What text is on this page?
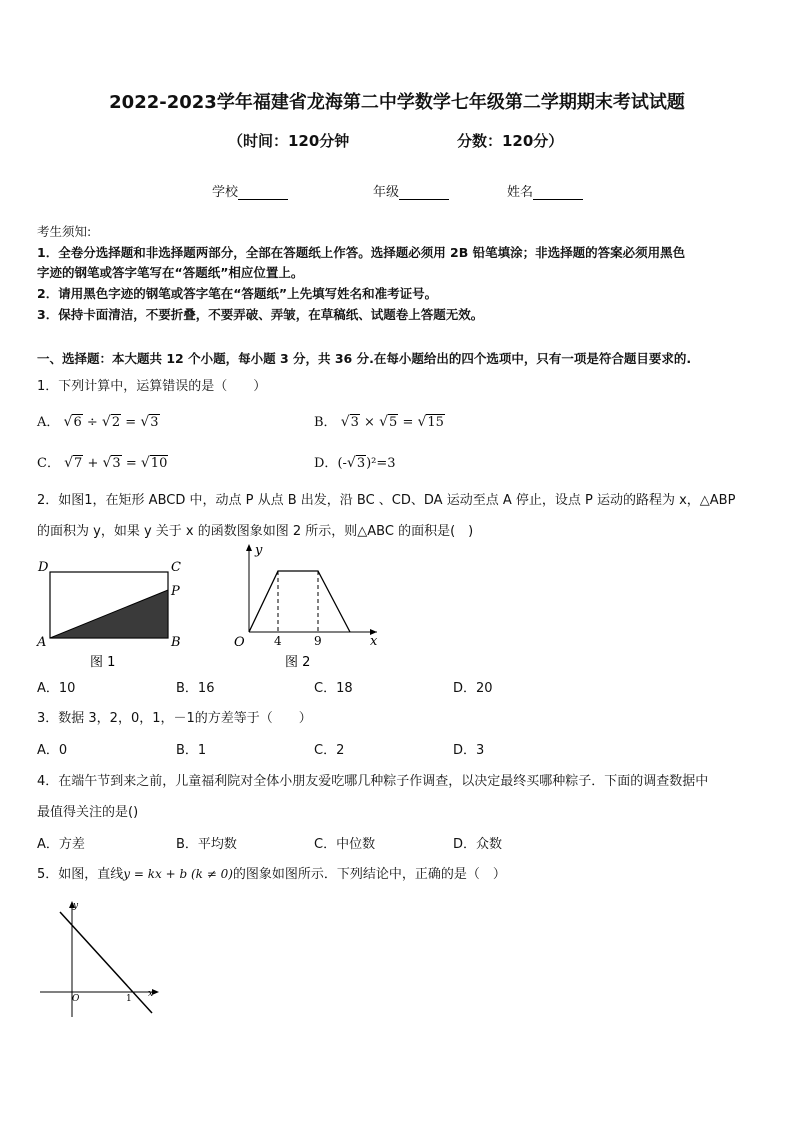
2022-2023学年福建省龙海第二中学数学七年级第二学期期末考试试题
（时间：120分钟	分数：120分）
学校	年级	姓名
考生须知:
1．全卷分选择题和非选择题两部分，全部在答题纸上作答。选择题必须用 2B 铅笔填涂；非选择题的答案必须用黑色
字迹的钢笔或答字笔写在“答题纸”相应位置上。
2．请用黑色字迹的钢笔或答字笔在“答题纸”上先填写姓名和准考证号。
3．保持卡面清洁，不要折叠，不要弄破、弄皱，在草稿纸、试题卷上答题无效。
一、选择题：本大题共 12 个小题，每小题 3 分，共 36 分.在每小题给出的四个选项中，只有一项是符合题目要求的.
1．下列计算中，运算错误的是（　　）
A． √6 ÷ √2 = √3	B． √3 × √5 = √15
C． √7 + √3 = √10	D．(-√3)²=3
2．如图1，在矩形 ABCD 中，动点 P 从点 B 出发，沿 BC 、CD、DA 运动至点 A 停止，设点 P 运动的路程为 x，△ABP
的面积为 y，如果 y 关于 x 的函数图象如图 2 所示，则△ABC 的面积是(　)
D	C
P
A	B
图 1
y
x
O 4	9
图 2
A．10	B．16	C．18	D．20
3．数据 3，2，0，1，－1的方差等于（　　）
A．0	B．1	C．2	D．3
4．在端午节到来之前，儿童福利院对全体小朋友爱吃哪几种粽子作调查，以决定最终买哪种粽子．下面的调查数据中
最值得关注的是()
A．方差	B．平均数	C．中位数	D．众数
5．如图，直线y = kx + b (k ≠ 0)的图象如图所示．下列结论中，正确的是（　）
y
x
O	1
